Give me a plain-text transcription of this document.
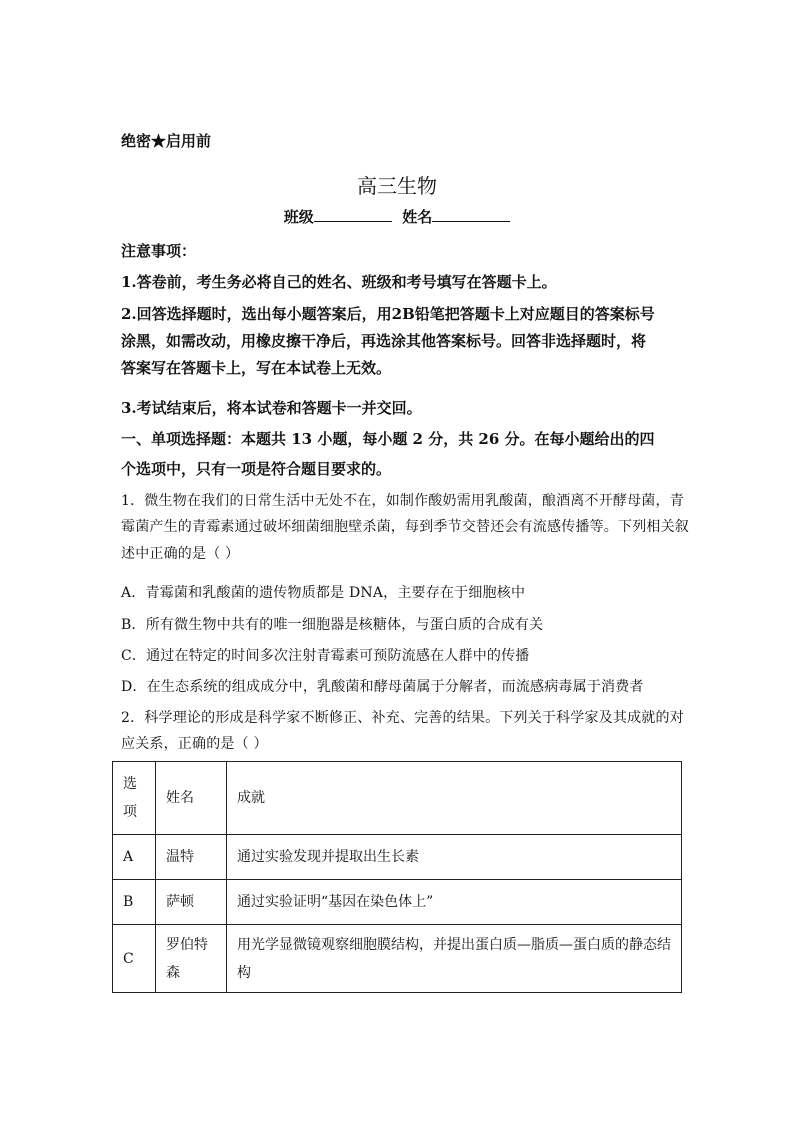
绝密★启用前
高三生物
班级	姓名
注意事项：
1.答卷前，考生务必将自己的姓名、班级和考号填写在答题卡上。
2.回答选择题时，选出每小题答案后，用2B铅笔把答题卡上对应题目的答案标号
涂黑，如需改动，用橡皮擦干净后，再选涂其他答案标号。回答非选择题时，将
答案写在答题卡上，写在本试卷上无效。
3.考试结束后，将本试卷和答题卡一并交回。
一、单项选择题：本题共 13 小题，每小题 2 分，共 26 分。在每小题给出的四
个选项中，只有一项是符合题目要求的。
1．微生物在我们的日常生活中无处不在，如制作酸奶需用乳酸菌，酿酒离不开酵母菌，青
霉菌产生的青霉素通过破坏细菌细胞壁杀菌，每到季节交替还会有流感传播等。下列相关叙
述中正确的是（ ）
A．青霉菌和乳酸菌的遗传物质都是 DNA，主要存在于细胞核中
B．所有微生物中共有的唯一细胞器是核糖体，与蛋白质的合成有关
C．通过在特定的时间多次注射青霉素可预防流感在人群中的传播
D．在生态系统的组成成分中，乳酸菌和酵母菌属于分解者，而流感病毒属于消费者
2．科学理论的形成是科学家不断修正、补充、完善的结果。下列关于科学家及其成就的对
应关系，正确的是（ ）
选项	姓名	成就
A	温特	通过实验发现并提取出生长素
B	萨顿	通过实验证明“基因在染色体上”
C	罗伯特森	用光学显微镜观察细胞膜结构，并提出蛋白质—脂质—蛋白质的静态结构
